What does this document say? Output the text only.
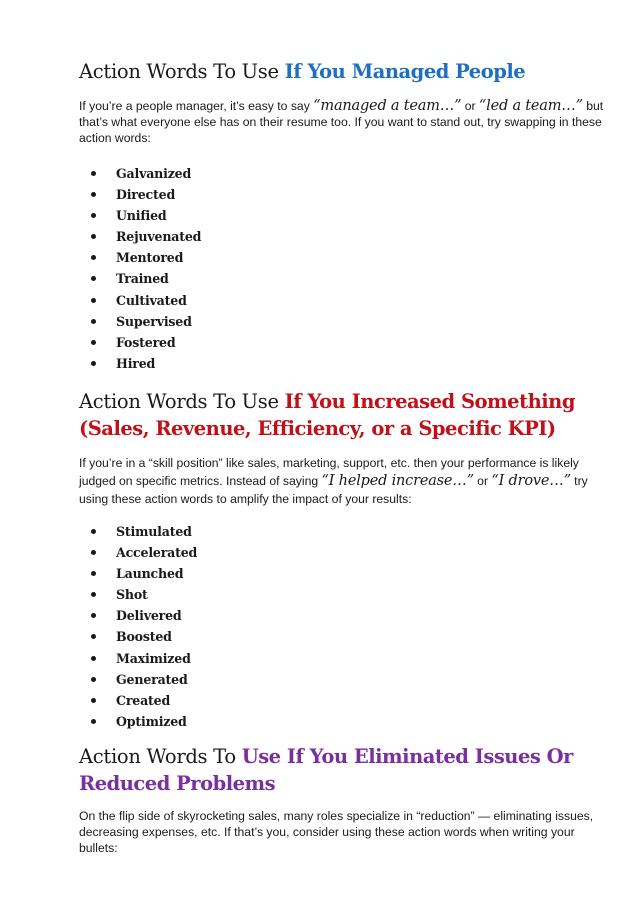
Action Words To Use If You Managed People

If you’re a people manager, it’s easy to say “managed a team…” or “led a team…” but that’s what everyone else has on their resume too. If you want to stand out, try swapping in these action words:

Galvanized
Directed
Unified
Rejuvenated
Mentored
Trained
Cultivated
Supervised
Fostered
Hired
Action Words To Use If You Increased Something (Sales, Revenue, Efficiency, or a Specific KPI)

If you’re in a “skill position” like sales, marketing, support, etc. then your performance is likely judged on specific metrics. Instead of saying “I helped increase…” or “I drove…” try using these action words to amplify the impact of your results:

Stimulated
Accelerated
Launched
Shot
Delivered
Boosted
Maximized
Generated
Created
Optimized
Action Words To Use If You Eliminated Issues Or Reduced Problems

On the flip side of skyrocketing sales, many roles specialize in “reduction” — eliminating issues, decreasing expenses, etc. If that’s you, consider using these action words when writing your bullets:
